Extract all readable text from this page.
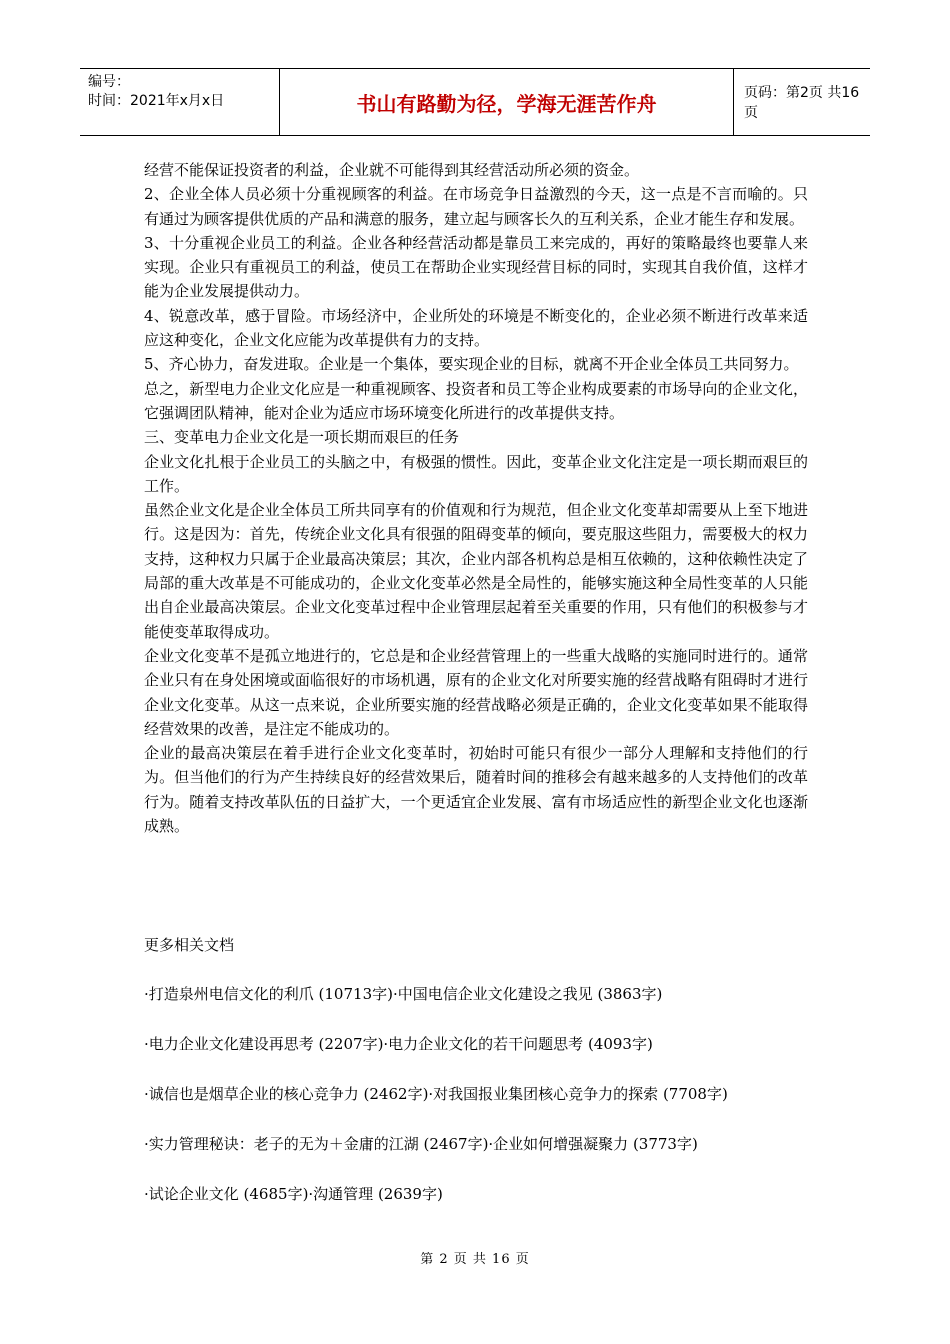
编号：
时间：2021年x月x日	书山有路勤为径，学海无涯苦作舟	页码：第2页 共16页

经营不能保证投资者的利益，企业就不可能得到其经营活动所必须的资金。

2、企业全体人员必须十分重视顾客的利益。在市场竞争日益激烈的今天，这一点是不言而喻的。只有通过为顾客提供优质的产品和满意的服务，建立起与顾客长久的互利关系，企业才能生存和发展。

3、十分重视企业员工的利益。企业各种经营活动都是靠员工来完成的，再好的策略最终也要靠人来实现。企业只有重视员工的利益，使员工在帮助企业实现经营目标的同时，实现其自我价值，这样才能为企业发展提供动力。

4、锐意改革，感于冒险。市场经济中，企业所处的环境是不断变化的，企业必须不断进行改革来适应这种变化，企业文化应能为改革提供有力的支持。

5、齐心协力，奋发进取。企业是一个集体，要实现企业的目标，就离不开企业全体员工共同努力。

总之，新型电力企业文化应是一种重视顾客、投资者和员工等企业构成要素的市场导向的企业文化，它强调团队精神，能对企业为适应市场环境变化所进行的改革提供支持。

三、变革电力企业文化是一项长期而艰巨的任务

企业文化扎根于企业员工的头脑之中，有极强的惯性。因此，变革企业文化注定是一项长期而艰巨的工作。

虽然企业文化是企业全体员工所共同享有的价值观和行为规范，但企业文化变革却需要从上至下地进行。这是因为：首先，传统企业文化具有很强的阻碍变革的倾向，要克服这些阻力，需要极大的权力支持，这种权力只属于企业最高决策层；其次，企业内部各机构总是相互依赖的，这种依赖性决定了局部的重大改革是不可能成功的，企业文化变革必然是全局性的，能够实施这种全局性变革的人只能出自企业最高决策层。企业文化变革过程中企业管理层起着至关重要的作用，只有他们的积极参与才能使变革取得成功。

企业文化变革不是孤立地进行的，它总是和企业经营管理上的一些重大战略的实施同时进行的。通常企业只有在身处困境或面临很好的市场机遇，原有的企业文化对所要实施的经营战略有阻碍时才进行企业文化变革。从这一点来说，企业所要实施的经营战略必须是正确的，企业文化变革如果不能取得经营效果的改善，是注定不能成功的。

企业的最高决策层在着手进行企业文化变革时，初始时可能只有很少一部分人理解和支持他们的行为。但当他们的行为产生持续良好的经营效果后，随着时间的推移会有越来越多的人支持他们的改革行为。随着支持改革队伍的日益扩大，一个更适宜企业发展、富有市场适应性的新型企业文化也逐渐成熟。

更多相关文档
·打造泉州电信文化的利爪 (10713字)·中国电信企业文化建设之我见 (3863字)
·电力企业文化建设再思考 (2207字)·电力企业文化的若干问题思考 (4093字)
·诚信也是烟草企业的核心竞争力 (2462字)·对我国报业集团核心竞争力的探索 (7708字)
·实力管理秘诀：老子的无为＋金庸的江湖 (2467字)·企业如何增强凝聚力 (3773字)
·试论企业文化 (4685字)·沟通管理 (2639字)
第 2 页 共 16 页
